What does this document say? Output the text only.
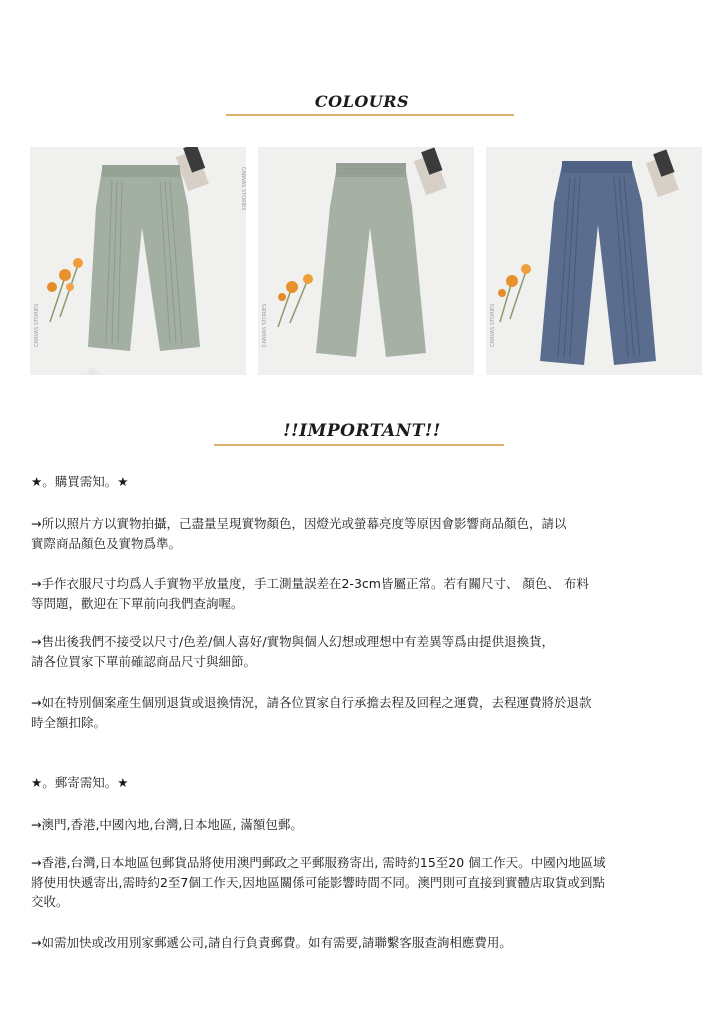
COLOURS
CANVAS STORIES
CANVAS STORIES
CANVAS STORIES	CANVAS STORIES
!!IMPORTANT!!
★。購買需知。★
→所以照片方以實物拍攝，己盡量呈現實物顏色，因燈光或螢幕亮度等原因會影響商品顏色，請以
實際商品顏色及實物爲準。
→手作衣服尺寸均爲人手實物平放量度，手工測量誤差在2-3cm皆屬正常。若有關尺寸、 顏色、 布料
等問題，歡迎在下單前向我們查詢喔。
→售出後我們不接受以尺寸/色差/個人喜好/實物與個人幻想或理想中有差異等爲由提供退換貨，
請各位買家下單前確認商品尺寸與細節。
→如在特別個案產生個別退貨或退換情況，請各位買家自行承擔去程及回程之運費，去程運費將於退款
時全額扣除。
★。郵寄需知。★
→澳門,香港,中國內地,台灣,日本地區, 滿額包郵。
→香港,台灣,日本地區包郵貨品將使用澳門郵政之平郵服務寄出, 需時約15至20 個工作天。中國內地區域
將使用快遞寄出,需時約2至7個工作天,因地區關係可能影響時間不同。澳門則可直接到實體店取貨或到點
交收。
→如需加快或改用別家郵遞公司,請自行負責郵費。如有需要,請聯繫客服查詢相應費用。
